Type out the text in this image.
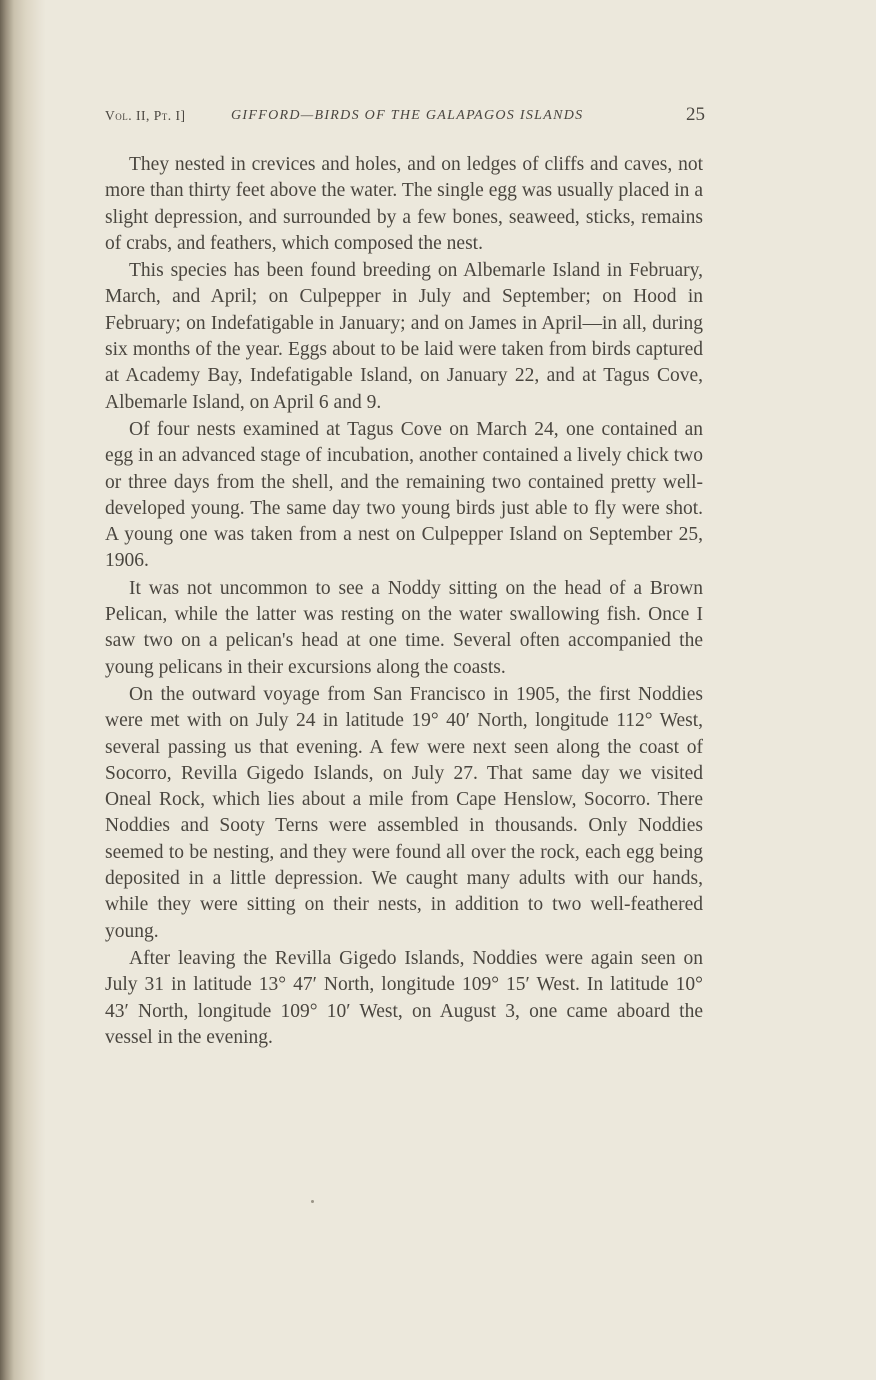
Vol. II, Pt. I]	GIFFORD—BIRDS OF THE GALAPAGOS ISLANDS	25

They nested in crevices and holes, and on ledges of cliffs and caves, not more than thirty feet above the water. The single egg was usually placed in a slight depression, and surrounded by a few bones, seaweed, sticks, remains of crabs, and feathers, which composed the nest.

This species has been found breeding on Albemarle Island in February, March, and April; on Culpepper in July and September; on Hood in February; on Indefatigable in January; and on James in April—in all, during six months of the year. Eggs about to be laid were taken from birds captured at Academy Bay, Indefatigable Island, on January 22, and at Tagus Cove, Albemarle Island, on April 6 and 9.

Of four nests examined at Tagus Cove on March 24, one contained an egg in an advanced stage of incubation, another contained a lively chick two or three days from the shell, and the remaining two contained pretty well-developed young. The same day two young birds just able to fly were shot. A young one was taken from a nest on Culpepper Island on September 25, 1906.

It was not uncommon to see a Noddy sitting on the head of a Brown Pelican, while the latter was resting on the water swallowing fish. Once I saw two on a pelican's head at one time. Several often accompanied the young pelicans in their excursions along the coasts.

On the outward voyage from San Francisco in 1905, the first Noddies were met with on July 24 in latitude 19° 40′ North, longitude 112° West, several passing us that evening. A few were next seen along the coast of Socorro, Revilla Gigedo Islands, on July 27. That same day we visited Oneal Rock, which lies about a mile from Cape Henslow, Socorro. There Noddies and Sooty Terns were assembled in thousands. Only Noddies seemed to be nesting, and they were found all over the rock, each egg being deposited in a little depression. We caught many adults with our hands, while they were sitting on their nests, in addition to two well-feathered young.

After leaving the Revilla Gigedo Islands, Noddies were again seen on July 31 in latitude 13° 47′ North, longitude 109° 15′ West. In latitude 10° 43′ North, longitude 109° 10′ West, on August 3, one came aboard the vessel in the evening.
